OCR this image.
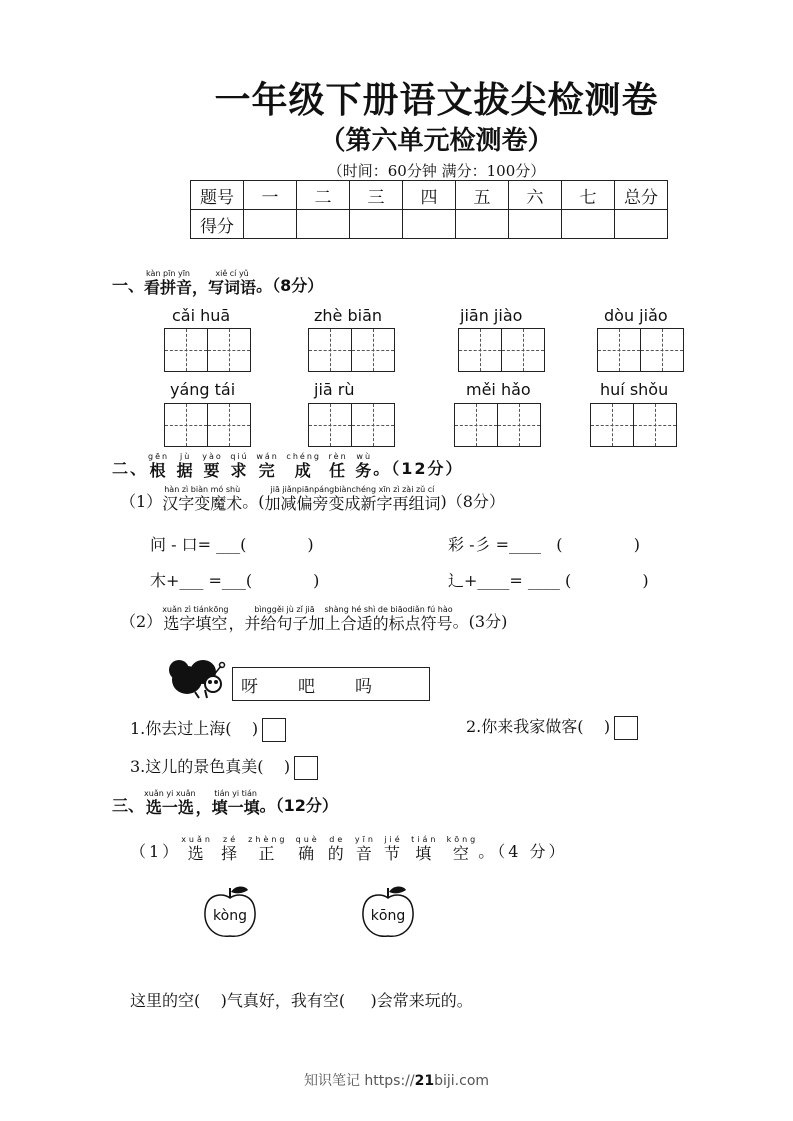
一年级下册语文拔尖检测卷
（第六单元检测卷）
（时间：60分钟 满分：100分）
题号	一	二	三	四	五	六	七	总分
得分								
一、
kàn pīn yīn
看拼音 ，
xiě cí yǔ
写词语 。（8分）
cǎi huā	zhè biān	jiān jiào	dòu jiǎo
yáng tái	jiā rù	měi hǎo	huí shǒu
二、
gēn
根

jù
据

yào
要

qiú
求

wán
完

chéng
成

rèn
任

wù
务 。（12分）
（1）
hàn zì biàn mó shù
汉字变魔术 。(
jiā jiǎnpiānpángbiànchéng xīn zì zài zǔ cí
加减偏旁变成新字再组词 )（8分）
问 - 口= ___(            )	彩 -彡 =____   (              )
木+___ =___(            )	辶+____= ____ (              )
（2）
xuǎn zì tiánkōng
选字填空 ，
bìnggěi jù zǐ jiā
并给句子加
shàng hé shì de biāodiǎn fú hào
上合适的标点符号 。(3分)
呀 吧 吗
1.你去过上海(    )	2.你来我家做客(    )
3.这儿的景色真美(    )
三、
xuǎn yi xuǎn
选一选 ，
tián yi tián
填一填 。（12分）
（1）
xuǎn
选

zé
择

zhèng
正

què
确

de
的

yīn
音

jié
节

tián
填

kōng
空 。（4 分）
kòng	kōng
这里的空(    )气真好，我有空(     )会常来玩的。
知识笔记 https://21biji.com
